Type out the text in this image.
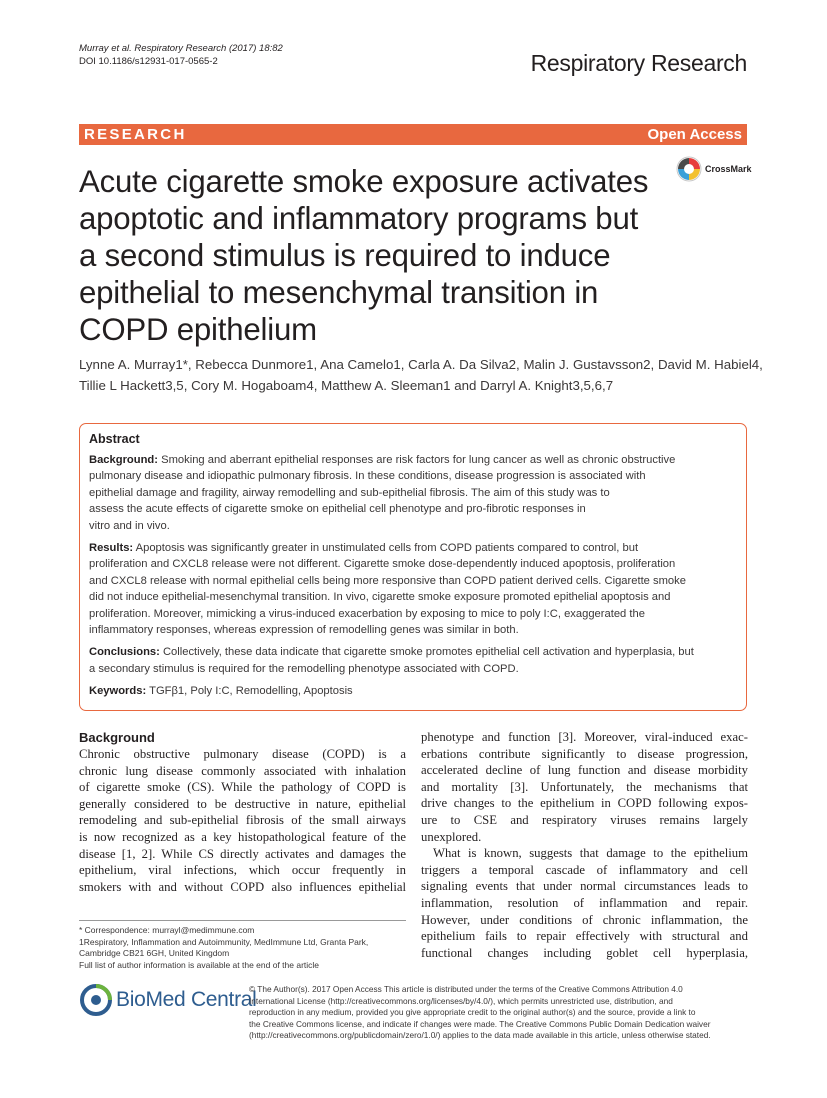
Murray et al. Respiratory Research (2017) 18:82
DOI 10.1186/s12931-017-0565-2	Respiratory Research
RESEARCH	Open Access
CrossMark
Acute cigarette smoke exposure activates
apoptotic and inflammatory programs but
a second stimulus is required to induce
epithelial to mesenchymal transition in
COPD epithelium
Lynne A. Murray1*, Rebecca Dunmore1, Ana Camelo1, Carla A. Da Silva2, Malin J. Gustavsson2, David M. Habiel4,
Tillie L Hackett3,5, Cory M. Hogaboam4, Matthew A. Sleeman1 and Darryl A. Knight3,5,6,7
Abstract

Background: Smoking and aberrant epithelial responses are risk factors for lung cancer as well as chronic obstructive
pulmonary disease and idiopathic pulmonary fibrosis. In these conditions, disease progression is associated with
epithelial damage and fragility, airway remodelling and sub-epithelial fibrosis. The aim of this study was to
assess the acute effects of cigarette smoke on epithelial cell phenotype and pro-fibrotic responses in
vitro and in vivo.

Results: Apoptosis was significantly greater in unstimulated cells from COPD patients compared to control, but
proliferation and CXCL8 release were not different. Cigarette smoke dose-dependently induced apoptosis, proliferation
and CXCL8 release with normal epithelial cells being more responsive than COPD patient derived cells. Cigarette smoke
did not induce epithelial-mesenchymal transition. In vivo, cigarette smoke exposure promoted epithelial apoptosis and
proliferation. Moreover, mimicking a virus-induced exacerbation by exposing to mice to poly I:C, exaggerated the
inflammatory responses, whereas expression of remodelling genes was similar in both.

Conclusions: Collectively, these data indicate that cigarette smoke promotes epithelial cell activation and hyperplasia, but
a secondary stimulus is required for the remodelling phenotype associated with COPD.

Keywords: TGFβ1, Poly I:C, Remodelling, Apoptosis

Background
Chronic obstructive pulmonary disease (COPD) is a
chronic lung disease commonly associated with inhalation
of cigarette smoke (CS). While the pathology of COPD is
generally considered to be destructive in nature, epithelial
remodeling and sub-epithelial fibrosis of the small airways
is now recognized as a key histopathological feature of the
disease [1, 2]. While CS directly activates and damages the
epithelium, viral infections, which occur frequently in
smokers with and without COPD also influences epithelial
phenotype and function [3]. Moreover, viral-induced exac-
erbations contribute significantly to disease progression,
accelerated decline of lung function and disease morbidity
and mortality [3]. Unfortunately, the mechanisms that
drive changes to the epithelium in COPD following expos-
ure to CSE and respiratory viruses remains largely
unexplored.
What is known, suggests that damage to the epithelium
triggers a temporal cascade of inflammatory and cell
signaling events that under normal circumstances leads to
inflammation, resolution of inflammation and repair.
However, under conditions of chronic inflammation, the
epithelium fails to repair effectively with structural and
functional changes including goblet cell hyperplasia,
* Correspondence: murrayl@medimmune.com
1Respiratory, Inflammation and Autoimmunity, MedImmune Ltd, Granta Park,
Cambridge CB21 6GH, United Kingdom
Full list of author information is available at the end of the article
BioMed Central
© The Author(s). 2017 Open Access This article is distributed under the terms of the Creative Commons Attribution 4.0
International License (http://creativecommons.org/licenses/by/4.0/), which permits unrestricted use, distribution, and
reproduction in any medium, provided you give appropriate credit to the original author(s) and the source, provide a link to
the Creative Commons license, and indicate if changes were made. The Creative Commons Public Domain Dedication waiver
(http://creativecommons.org/publicdomain/zero/1.0/) applies to the data made available in this article, unless otherwise stated.
